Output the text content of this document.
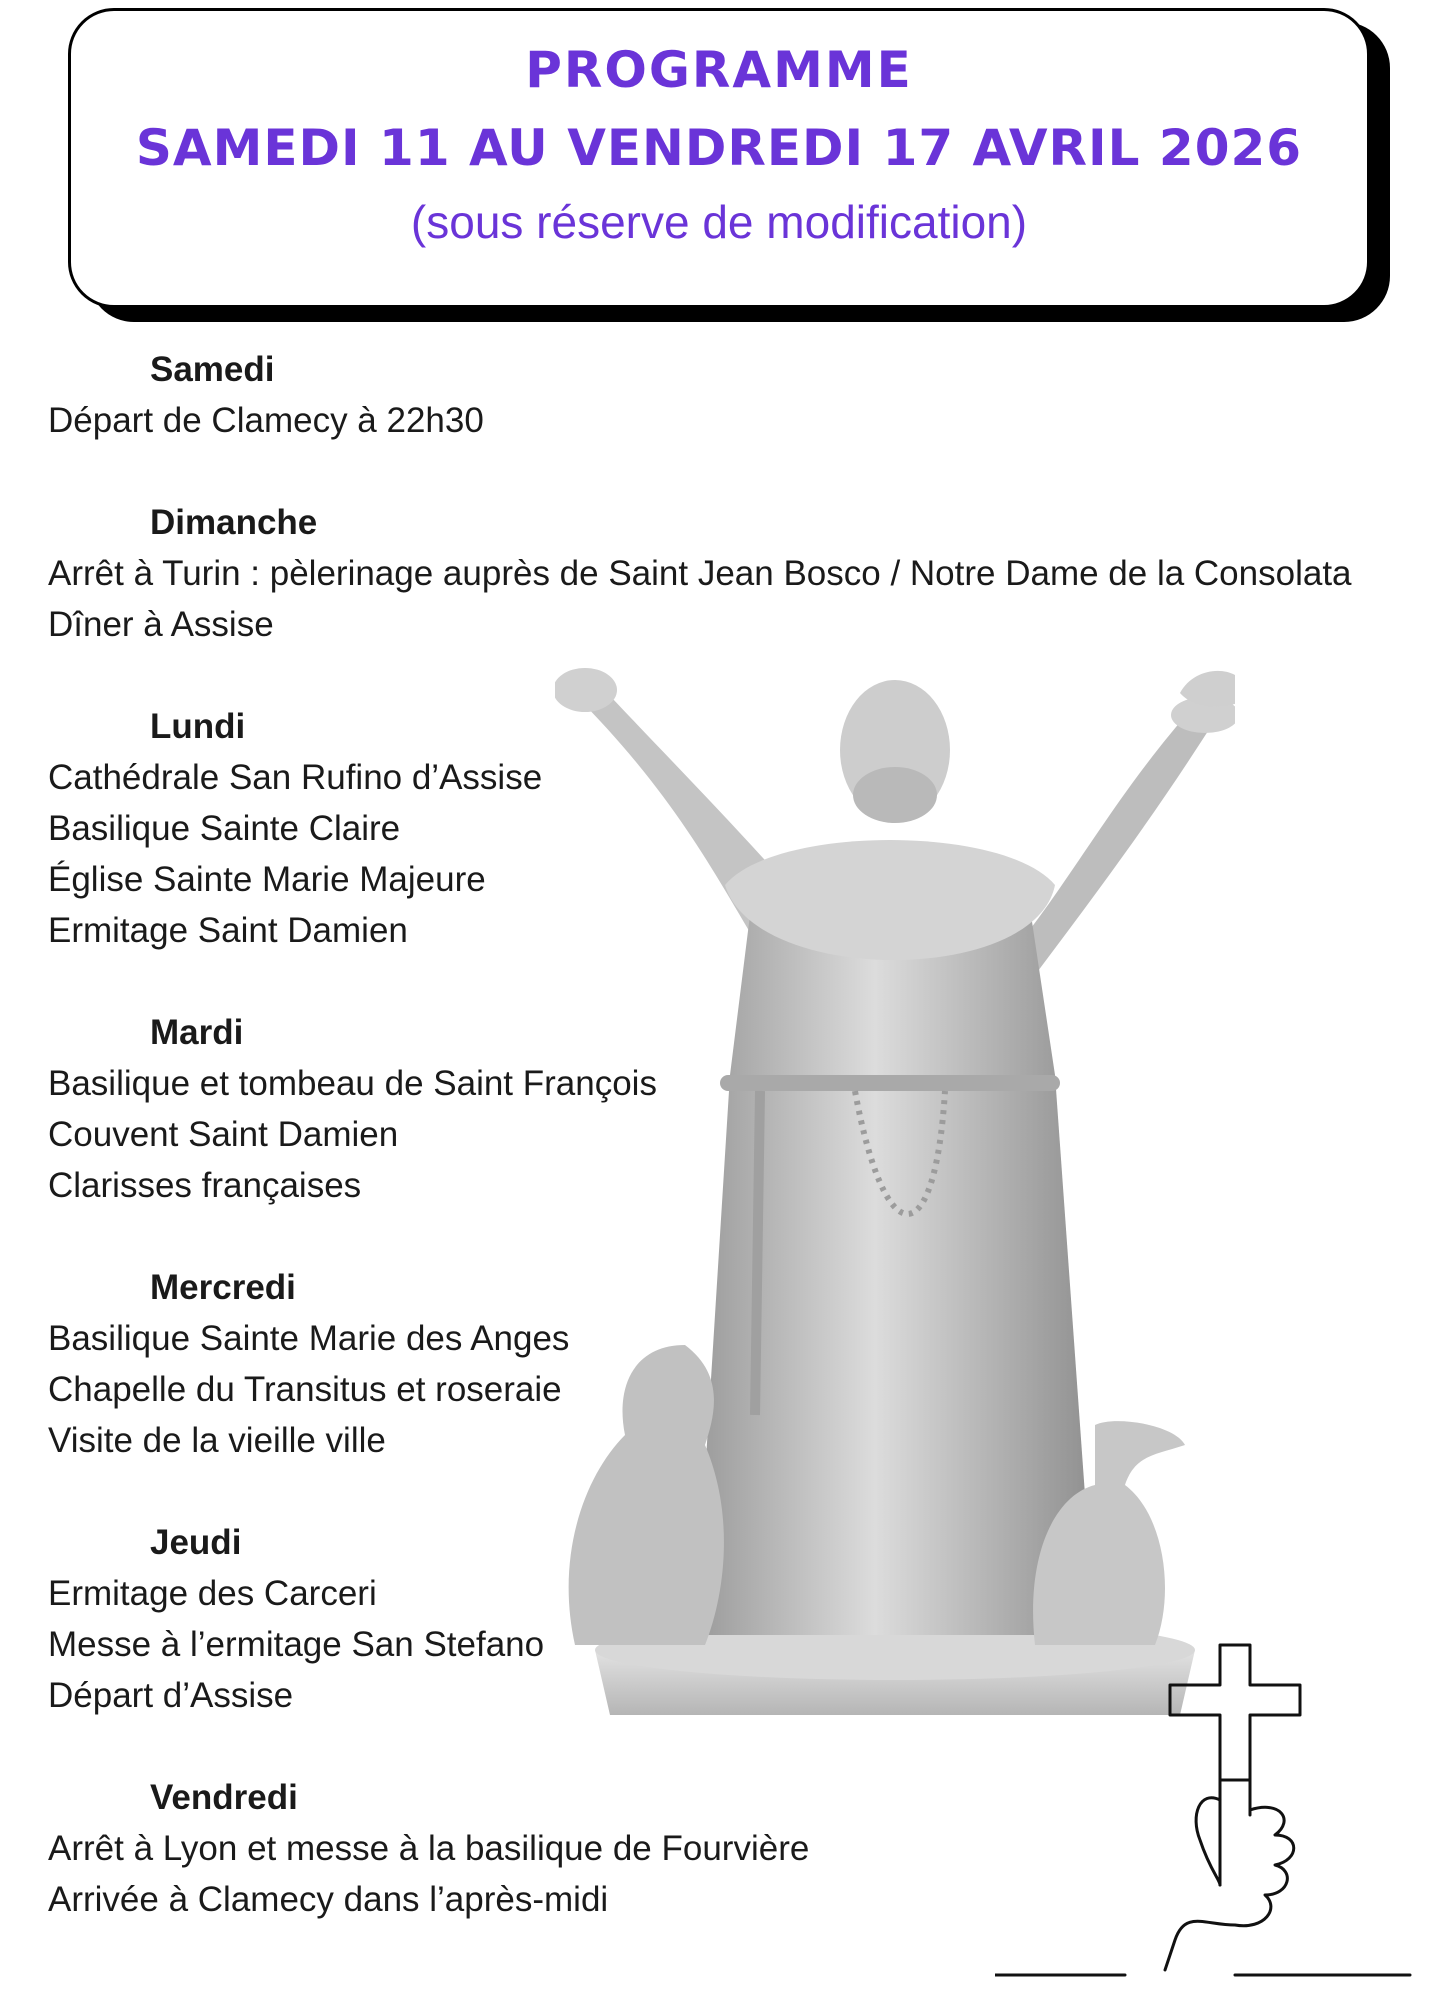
PROGRAMME
SAMEDI 11 AU VENDREDI 17 AVRIL 2026
(sous réserve de modification)
Samedi
Départ de Clamecy à 22h30
Dimanche
Arrêt à Turin : pèlerinage auprès de Saint Jean Bosco / Notre Dame de la Consolata
Dîner à Assise
Lundi
Cathédrale San Rufino d’Assise
Basilique Sainte Claire
Église Sainte Marie Majeure
Ermitage Saint Damien
Mardi
Basilique et tombeau de Saint François
Couvent Saint Damien
Clarisses françaises
Mercredi
Basilique Sainte Marie des Anges
Chapelle du Transitus et roseraie
Visite de la vieille ville
Jeudi
Ermitage des Carceri
Messe à l’ermitage San Stefano
Départ d’Assise
Vendredi
Arrêt à Lyon et messe à la basilique de Fourvière
Arrivée à Clamecy dans l’après-midi
